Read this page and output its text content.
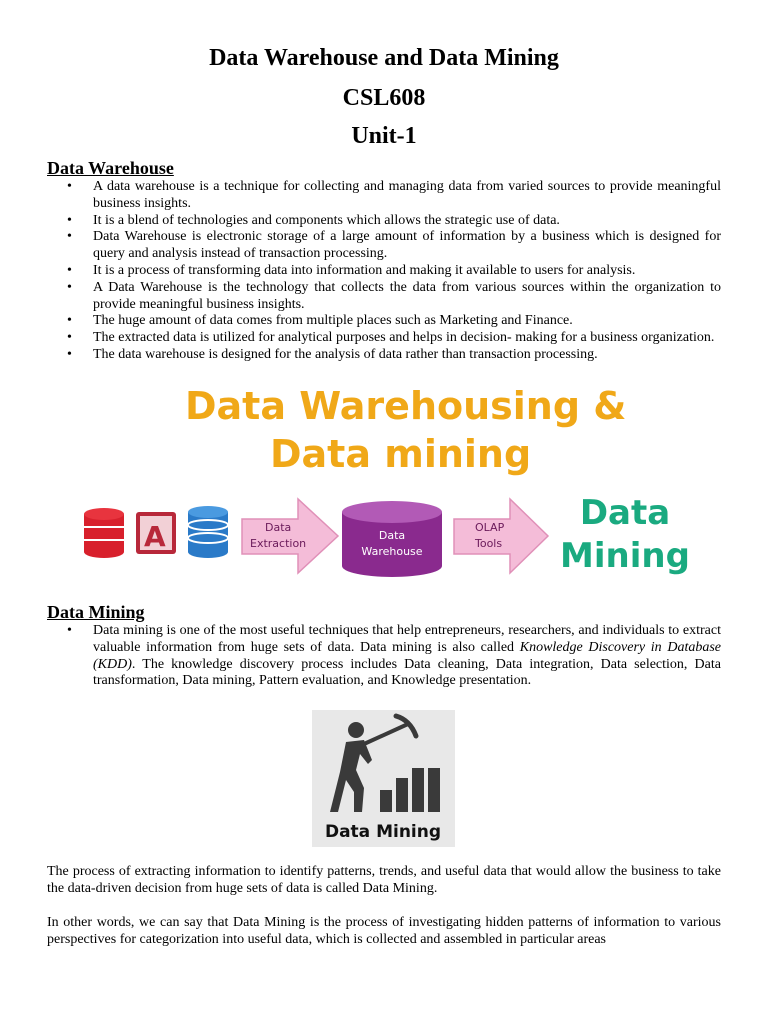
Data Warehouse and Data Mining
CSL608
Unit-1
Data Warehouse
• A data warehouse is a technique for collecting and managing data from varied sources to provide meaningful business insights.
• It is a blend of technologies and components which allows the strategic use of data.
• Data Warehouse is electronic storage of a large amount of information by a business which is designed for query and analysis instead of transaction processing.
• It is a process of transforming data into information and making it available to users for analysis.
• A Data Warehouse is the technology that collects the data from various sources within the organization to provide meaningful business insights.
• The huge amount of data comes from multiple places such as Marketing and Finance.
• The extracted data is utilized for analytical purposes and helps in decision- making for a business organization.
• The data warehouse is designed for the analysis of data rather than transaction processing.
Data Warehousing &
Data mining
A	Data
Extraction
Data
Warehouse
OLAP
Tools
Data
Mining
Data Mining
• Data mining is one of the most useful techniques that help entrepreneurs, researchers, and individuals to extract valuable information from huge sets of data. Data mining is also called Knowledge Discovery in Database (KDD). The knowledge discovery process includes Data cleaning, Data integration, Data selection, Data transformation, Data mining, Pattern evaluation, and Knowledge presentation.
Data Mining

The process of extracting information to identify patterns, trends, and useful data that would allow the business to take the data-driven decision from huge sets of data is called Data Mining.

In other words, we can say that Data Mining is the process of investigating hidden patterns of information to various perspectives for categorization into useful data, which is collected and assembled in particular areas
